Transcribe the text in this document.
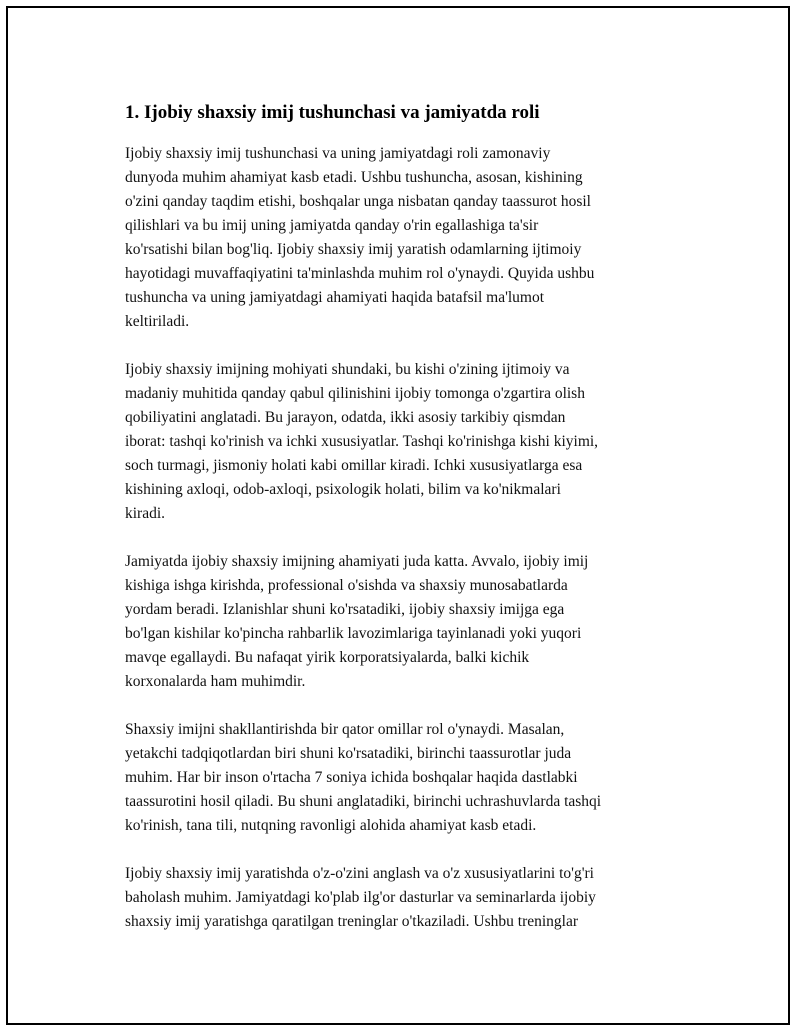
1. Ijobiy shaxsiy imij tushunchasi va jamiyatda roli

Ijobiy shaxsiy imij tushunchasi va uning jamiyatdagi roli zamonaviy
dunyoda muhim ahamiyat kasb etadi. Ushbu tushuncha, asosan, kishining
o'zini qanday taqdim etishi, boshqalar unga nisbatan qanday taassurot hosil
qilishlari va bu imij uning jamiyatda qanday o'rin egallashiga ta'sir
ko'rsatishi bilan bog'liq. Ijobiy shaxsiy imij yaratish odamlarning ijtimoiy
hayotidagi muvaffaqiyatini ta'minlashda muhim rol o'ynaydi. Quyida ushbu
tushuncha va uning jamiyatdagi ahamiyati haqida batafsil ma'lumot
keltiriladi.

Ijobiy shaxsiy imijning mohiyati shundaki, bu kishi o'zining ijtimoiy va
madaniy muhitida qanday qabul qilinishini ijobiy tomonga o'zgartira olish
qobiliyatini anglatadi. Bu jarayon, odatda, ikki asosiy tarkibiy qismdan
iborat: tashqi ko'rinish va ichki xususiyatlar. Tashqi ko'rinishga kishi kiyimi,
soch turmagi, jismoniy holati kabi omillar kiradi. Ichki xususiyatlarga esa
kishining axloqi, odob-axloqi, psixologik holati, bilim va ko'nikmalari
kiradi.

Jamiyatda ijobiy shaxsiy imijning ahamiyati juda katta. Avvalo, ijobiy imij
kishiga ishga kirishda, professional o'sishda va shaxsiy munosabatlarda
yordam beradi. Izlanishlar shuni ko'rsatadiki, ijobiy shaxsiy imijga ega
bo'lgan kishilar ko'pincha rahbarlik lavozimlariga tayinlanadi yoki yuqori
mavqe egallaydi. Bu nafaqat yirik korporatsiyalarda, balki kichik
korxonalarda ham muhimdir.

Shaxsiy imijni shakllantirishda bir qator omillar rol o'ynaydi. Masalan,
yetakchi tadqiqotlardan biri shuni ko'rsatadiki, birinchi taassurotlar juda
muhim. Har bir inson o'rtacha 7 soniya ichida boshqalar haqida dastlabki
taassurotini hosil qiladi. Bu shuni anglatadiki, birinchi uchrashuvlarda tashqi
ko'rinish, tana tili, nutqning ravonligi alohida ahamiyat kasb etadi.

Ijobiy shaxsiy imij yaratishda o'z-o'zini anglash va o'z xususiyatlarini to'g'ri
baholash muhim. Jamiyatdagi ko'plab ilg'or dasturlar va seminarlarda ijobiy
shaxsiy imij yaratishga qaratilgan treninglar o'tkaziladi. Ushbu treninglar
